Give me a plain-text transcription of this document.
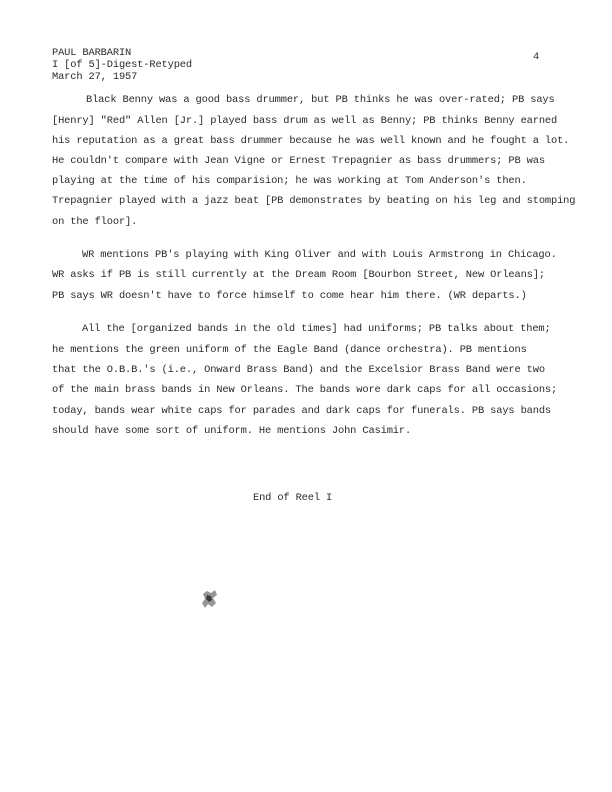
PAUL BARBARIN
I [of 5]-Digest-Retyped
March 27, 1957
4
Black Benny was a good bass drummer, but PB thinks he was over-rated; PB says
[Henry] "Red" Allen [Jr.] played bass drum as well as Benny; PB thinks Benny earned
his reputation as a great bass drummer because he was well known and he fought a lot.
He couldn't compare with Jean Vigne or Ernest Trepagnier as bass drummers; PB was
playing at the time of his comparision; he was working at Tom Anderson's then.
Trepagnier played with a jazz beat [PB demonstrates by beating on his leg and stomping
on the floor].
WR mentions PB's playing with King Oliver and with Louis Armstrong in Chicago.
WR asks if PB is still currently at the Dream Room [Bourbon Street, New Orleans];
PB says WR doesn't have to force himself to come hear him there. (WR departs.)
All the [organized bands in the old times] had uniforms; PB talks about them;
he mentions the green uniform of the Eagle Band (dance orchestra). PB mentions
that the O.B.B.'s (i.e., Onward Brass Band) and the Excelsior Brass Band were two
of the main brass bands in New Orleans. The bands wore dark caps for all occasions;
today, bands wear white caps for parades and dark caps for funerals. PB says bands
should have some sort of uniform. He mentions John Casimir.
End of Reel I
